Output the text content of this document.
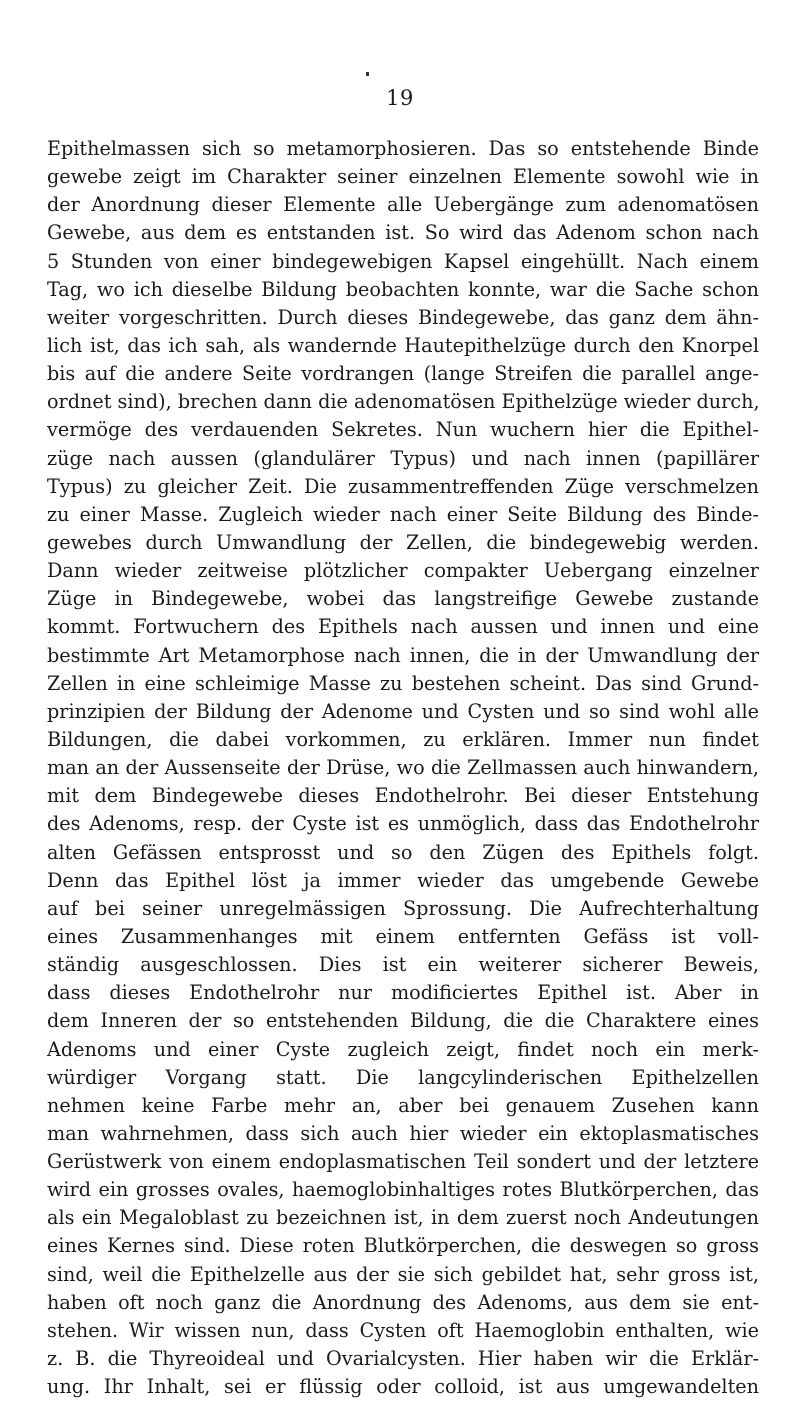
19
Epithelmassen sich so metamorphosieren. Das so entstehende Binde
gewebe zeigt im Charakter seiner einzelnen Elemente sowohl wie in
der Anordnung dieser Elemente alle Uebergänge zum adenomatösen
Gewebe, aus dem es entstanden ist. So wird das Adenom schon nach
5 Stunden von einer bindegewebigen Kapsel eingehüllt. Nach einem
Tag, wo ich dieselbe Bildung beobachten konnte, war die Sache schon
weiter vorgeschritten. Durch dieses Bindegewebe, das ganz dem ähn-
lich ist, das ich sah, als wandernde Hautepithelzüge durch den Knorpel
bis auf die andere Seite vordrangen (lange Streifen die parallel ange-
ordnet sind), brechen dann die adenomatösen Epithelzüge wieder durch,
vermöge des verdauenden Sekretes. Nun wuchern hier die Epithel-
züge nach aussen (glandulärer Typus) und nach innen (papillärer
Typus) zu gleicher Zeit. Die zusammentreffenden Züge verschmelzen
zu einer Masse. Zugleich wieder nach einer Seite Bildung des Binde-
gewebes durch Umwandlung der Zellen, die bindegewebig werden.
Dann wieder zeitweise plötzlicher compakter Uebergang einzelner
Züge in Bindegewebe, wobei das langstreifige Gewebe zustande
kommt. Fortwuchern des Epithels nach aussen und innen und eine
bestimmte Art Metamorphose nach innen, die in der Umwandlung der
Zellen in eine schleimige Masse zu bestehen scheint. Das sind Grund-
prinzipien der Bildung der Adenome und Cysten und so sind wohl alle
Bildungen, die dabei vorkommen, zu erklären. Immer nun findet
man an der Aussenseite der Drüse, wo die Zellmassen auch hinwandern,
mit dem Bindegewebe dieses Endothelrohr. Bei dieser Entstehung
des Adenoms, resp. der Cyste ist es unmöglich, dass das Endothelrohr
alten Gefässen entsprosst und so den Zügen des Epithels folgt.
Denn das Epithel löst ja immer wieder das umgebende Gewebe
auf bei seiner unregelmässigen Sprossung. Die Aufrechterhaltung
eines Zusammenhanges mit einem entfernten Gefäss ist voll-
ständig ausgeschlossen. Dies ist ein weiterer sicherer Beweis,
dass dieses Endothelrohr nur modificiertes Epithel ist. Aber in
dem Inneren der so entstehenden Bildung, die die Charaktere eines
Adenoms und einer Cyste zugleich zeigt, findet noch ein merk-
würdiger Vorgang statt. Die langcylinderischen Epithelzellen
nehmen keine Farbe mehr an, aber bei genauem Zusehen kann
man wahrnehmen, dass sich auch hier wieder ein ektoplasmatisches
Gerüstwerk von einem endoplasmatischen Teil sondert und der letztere
wird ein grosses ovales, haemoglobinhaltiges rotes Blutkörperchen, das
als ein Megaloblast zu bezeichnen ist, in dem zuerst noch Andeutungen
eines Kernes sind. Diese roten Blutkörperchen, die deswegen so gross
sind, weil die Epithelzelle aus der sie sich gebildet hat, sehr gross ist,
haben oft noch ganz die Anordnung des Adenoms, aus dem sie ent-
stehen. Wir wissen nun, dass Cysten oft Haemoglobin enthalten, wie
z. B. die Thyreoideal und Ovarialcysten. Hier haben wir die Erklär-
ung. Ihr Inhalt, sei er flüssig oder colloid, ist aus umgewandelten
